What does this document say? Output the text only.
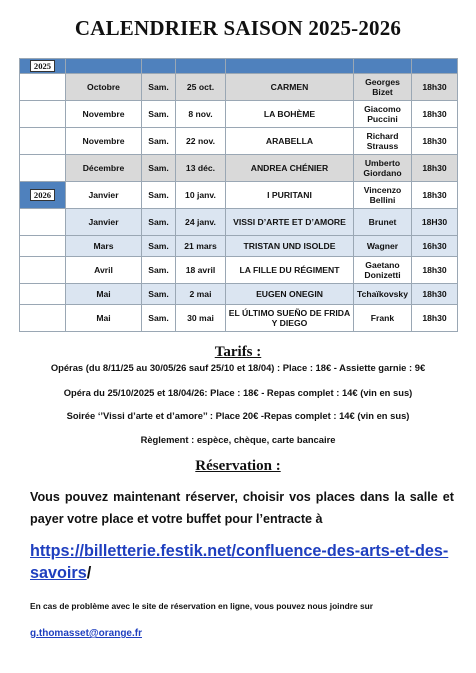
CALENDRIER SAISON 2025-2026
2025						
	Octobre	Sam.	25 oct.	CARMEN	Georges Bizet	18h30
	Novembre	Sam.	8 nov.	LA BOHÈME	Giacomo Puccini	18h30
	Novembre	Sam.	22 nov.	ARABELLA	Richard Strauss	18h30
	Décembre	Sam.	13 déc.	ANDREA CHÉNIER	Umberto Giordano	18h30
2026	Janvier	Sam.	10 janv.	I PURITANI	Vincenzo Bellini	18h30
	Janvier	Sam.	24 janv.	VISSI D’ARTE ET D’AMORE	Brunet	18H30
	Mars	Sam.	21 mars	TRISTAN UND ISOLDE	Wagner	16h30
	Avril	Sam.	18 avril	LA FILLE DU RÉGIMENT	Gaetano Donizetti	18h30
	Mai	Sam.	2 mai	EUGEN ONEGIN	Tchaïkovsky	18h30
	Mai	Sam.	30 mai	EL ÚLTIMO SUEÑO DE FRIDA Y DIEGO	Frank	18h30
Tarifs :
Opéras (du 8/11/25 au 30/05/26 sauf 25/10 et 18/04) : Place : 18€ - Assiette garnie : 9€
Opéra du 25/10/2025 et 18/04/26: Place : 18€ - Repas complet : 14€ (vin en sus)
Soirée ‘’Vissi d’arte et d’amore’’ : Place 20€ -Repas complet : 14€ (vin en sus)
Règlement : espèce, chèque, carte bancaire
Réservation :
Vous pouvez maintenant réserver, choisir vos places dans la salle et payer votre place et votre buffet pour l’entracte à
https://billetterie.festik.net/confluence-des-arts-et-des-
savoirs/
En cas de problème avec le site de réservation en ligne, vous pouvez nous joindre sur
g.thomasset@orange.fr
